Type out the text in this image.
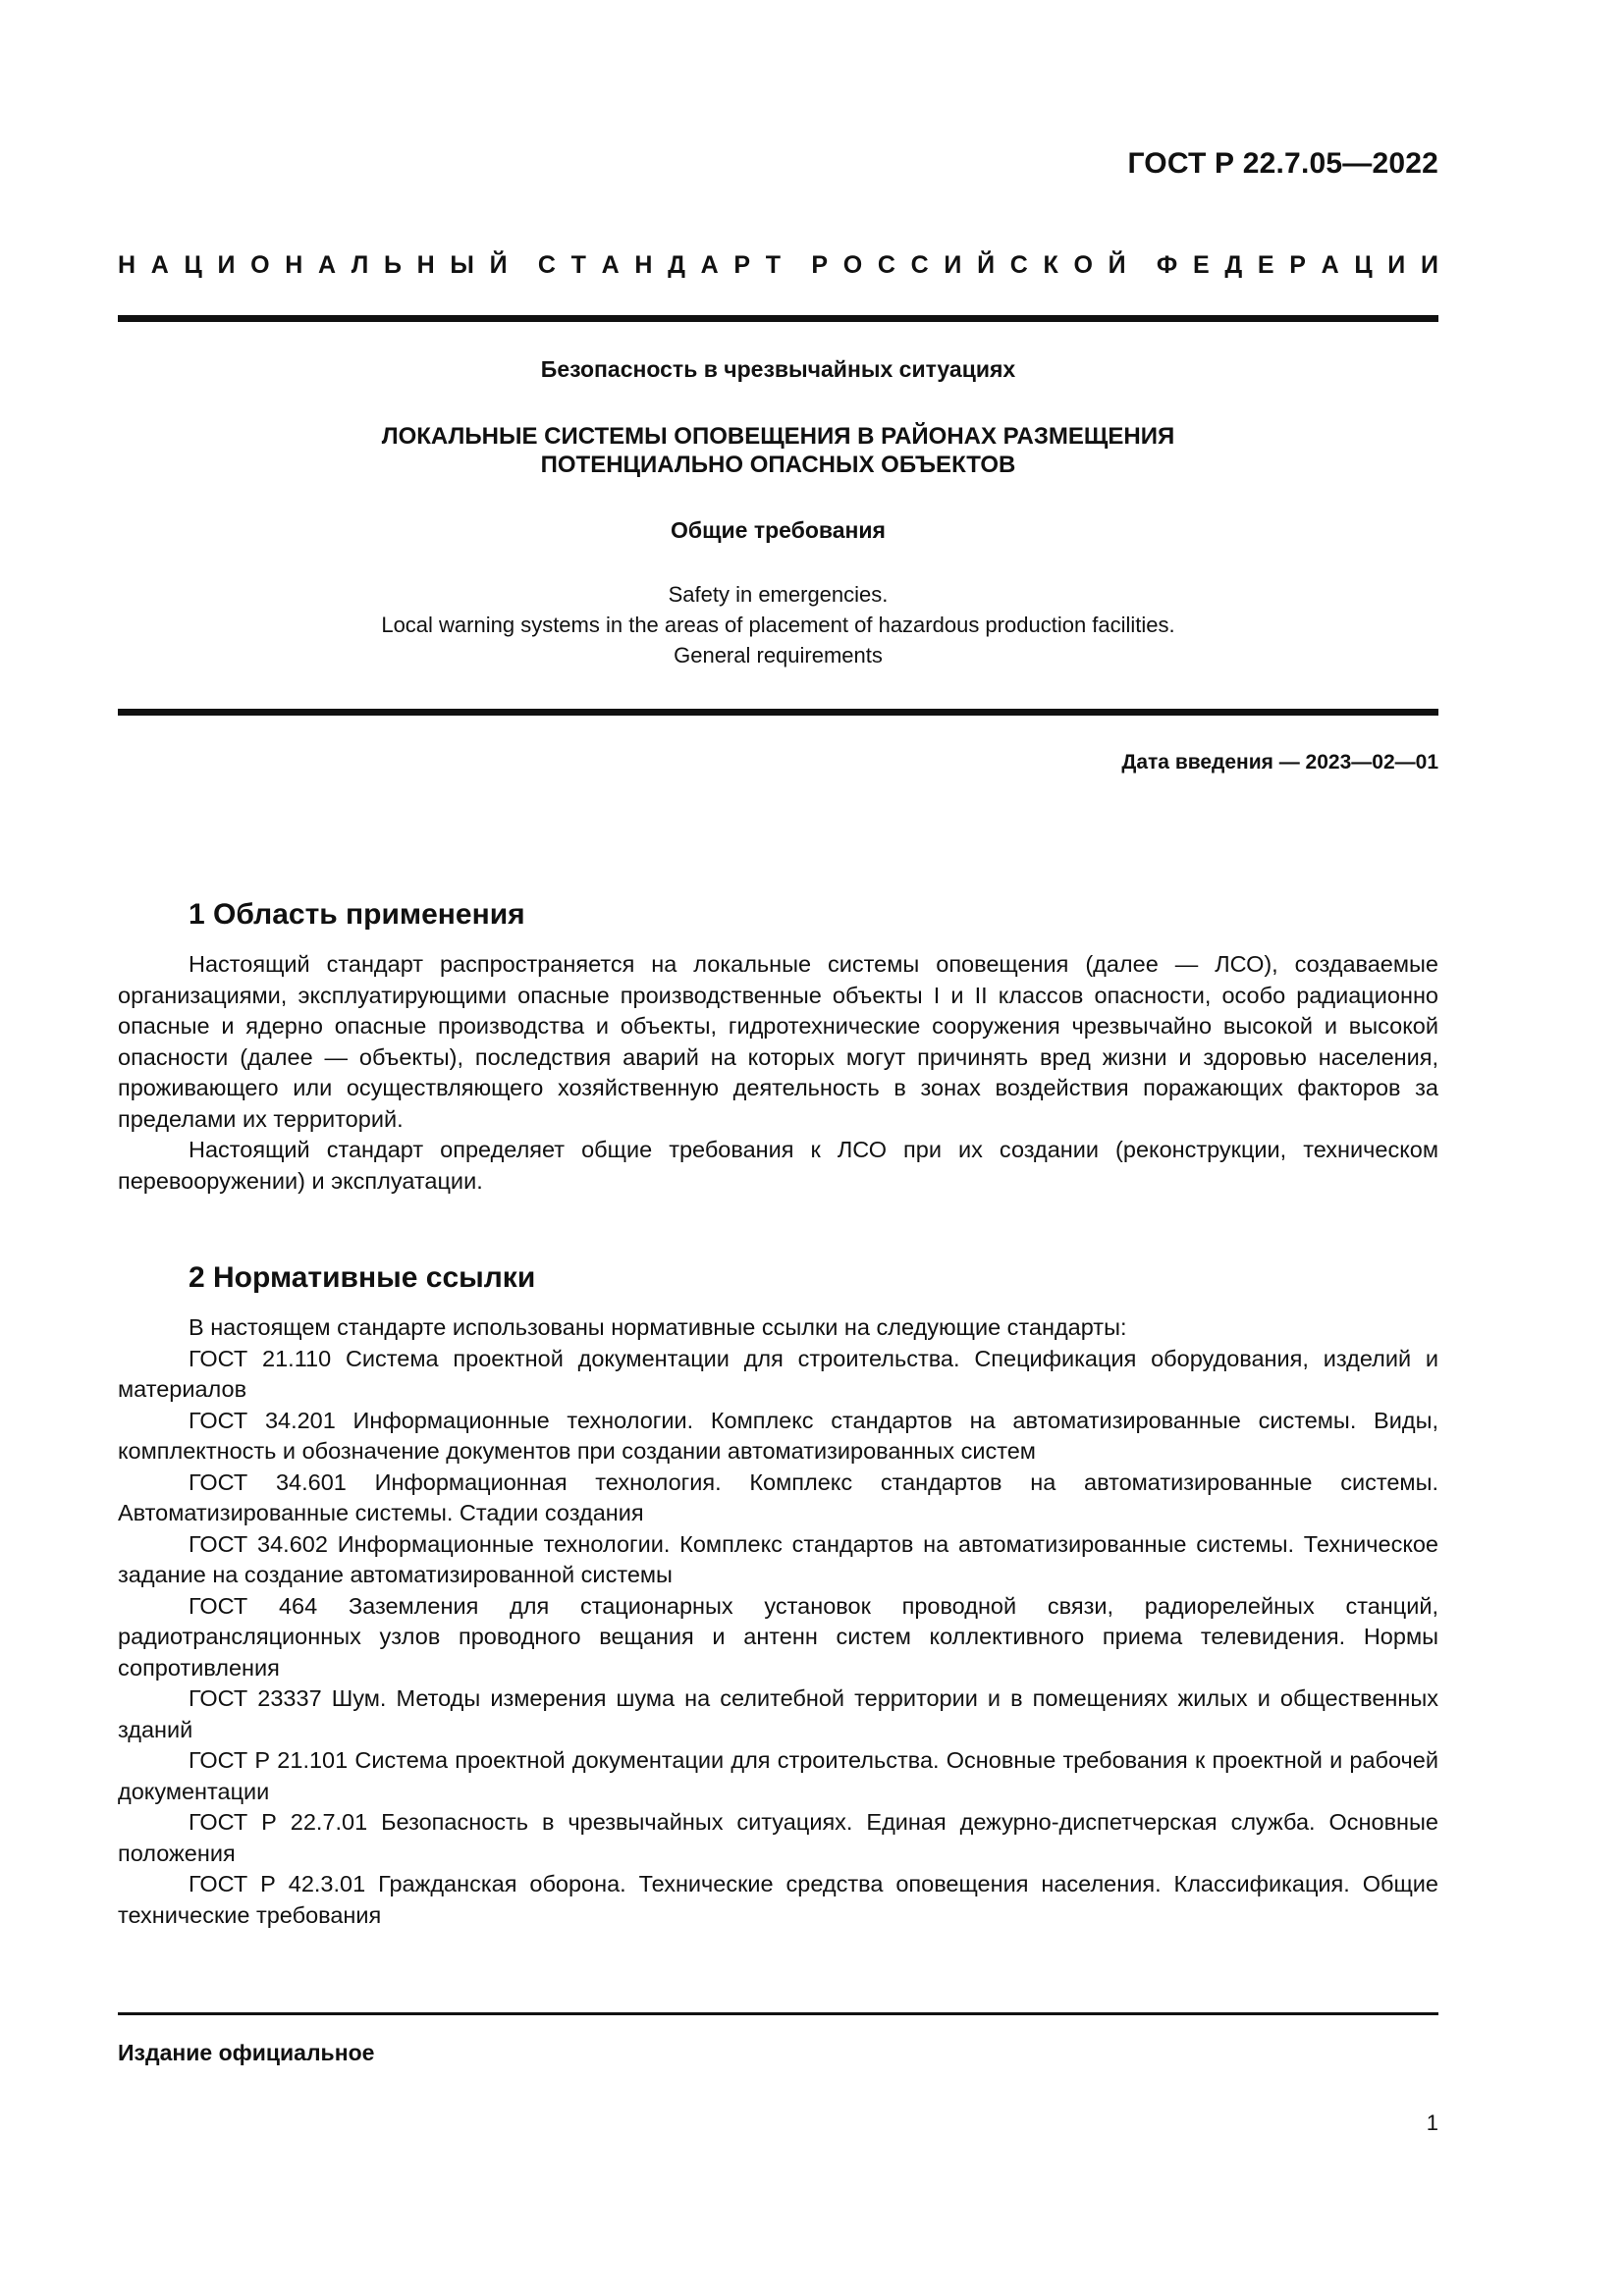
ГОСТ Р 22.7.05—2022
Н А Ц И О Н А Л Ь Н Ы Й С Т А Н Д А Р Т Р О С С И Й С К О Й Ф Е Д Е Р А Ц И И
Безопасность в чрезвычайных ситуациях
ЛОКАЛЬНЫЕ СИСТЕМЫ ОПОВЕЩЕНИЯ В РАЙОНАХ РАЗМЕЩЕНИЯ
ПОТЕНЦИАЛЬНО ОПАСНЫХ ОБЪЕКТОВ
Общие требования
Safety in emergencies.
Local warning systems in the areas of placement of hazardous production facilities.
General requirements
Дата введения — 2023—02—01
1 Область применения

Настоящий стандарт распространяется на локальные системы оповещения (далее — ЛСО), создаваемые организациями, эксплуатирующими опасные производственные объекты I и II классов опасности, особо радиационно опасные и ядерно опасные производства и объекты, гидротехнические сооружения чрезвычайно высокой и высокой опасности (далее — объекты), последствия аварий на которых могут причинять вред жизни и здоровью населения, проживающего или осуществляющего хозяйственную деятельность в зонах воздействия поражающих факторов за пределами их территорий.

Настоящий стандарт определяет общие требования к ЛСО при их создании (реконструкции, техническом перевооружении) и эксплуатации.

2 Нормативные ссылки

В настоящем стандарте использованы нормативные ссылки на следующие стандарты:

ГОСТ 21.110 Система проектной документации для строительства. Спецификация оборудования, изделий и материалов

ГОСТ 34.201 Информационные технологии. Комплекс стандартов на автоматизированные системы. Виды, комплектность и обозначение документов при создании автоматизированных систем

ГОСТ 34.601 Информационная технология. Комплекс стандартов на автоматизированные системы. Автоматизированные системы. Стадии создания

ГОСТ 34.602 Информационные технологии. Комплекс стандартов на автоматизированные системы. Техническое задание на создание автоматизированной системы

ГОСТ 464 Заземления для стационарных установок проводной связи, радиорелейных станций, радиотрансляционных узлов проводного вещания и антенн систем коллективного приема телевидения. Нормы сопротивления

ГОСТ 23337 Шум. Методы измерения шума на селитебной территории и в помещениях жилых и общественных зданий

ГОСТ Р 21.101 Система проектной документации для строительства. Основные требования к проектной и рабочей документации

ГОСТ Р 22.7.01 Безопасность в чрезвычайных ситуациях. Единая дежурно-диспетчерская служба. Основные положения

ГОСТ Р 42.3.01 Гражданская оборона. Технические средства оповещения населения. Классификация. Общие технические требования

Издание официальное
1
